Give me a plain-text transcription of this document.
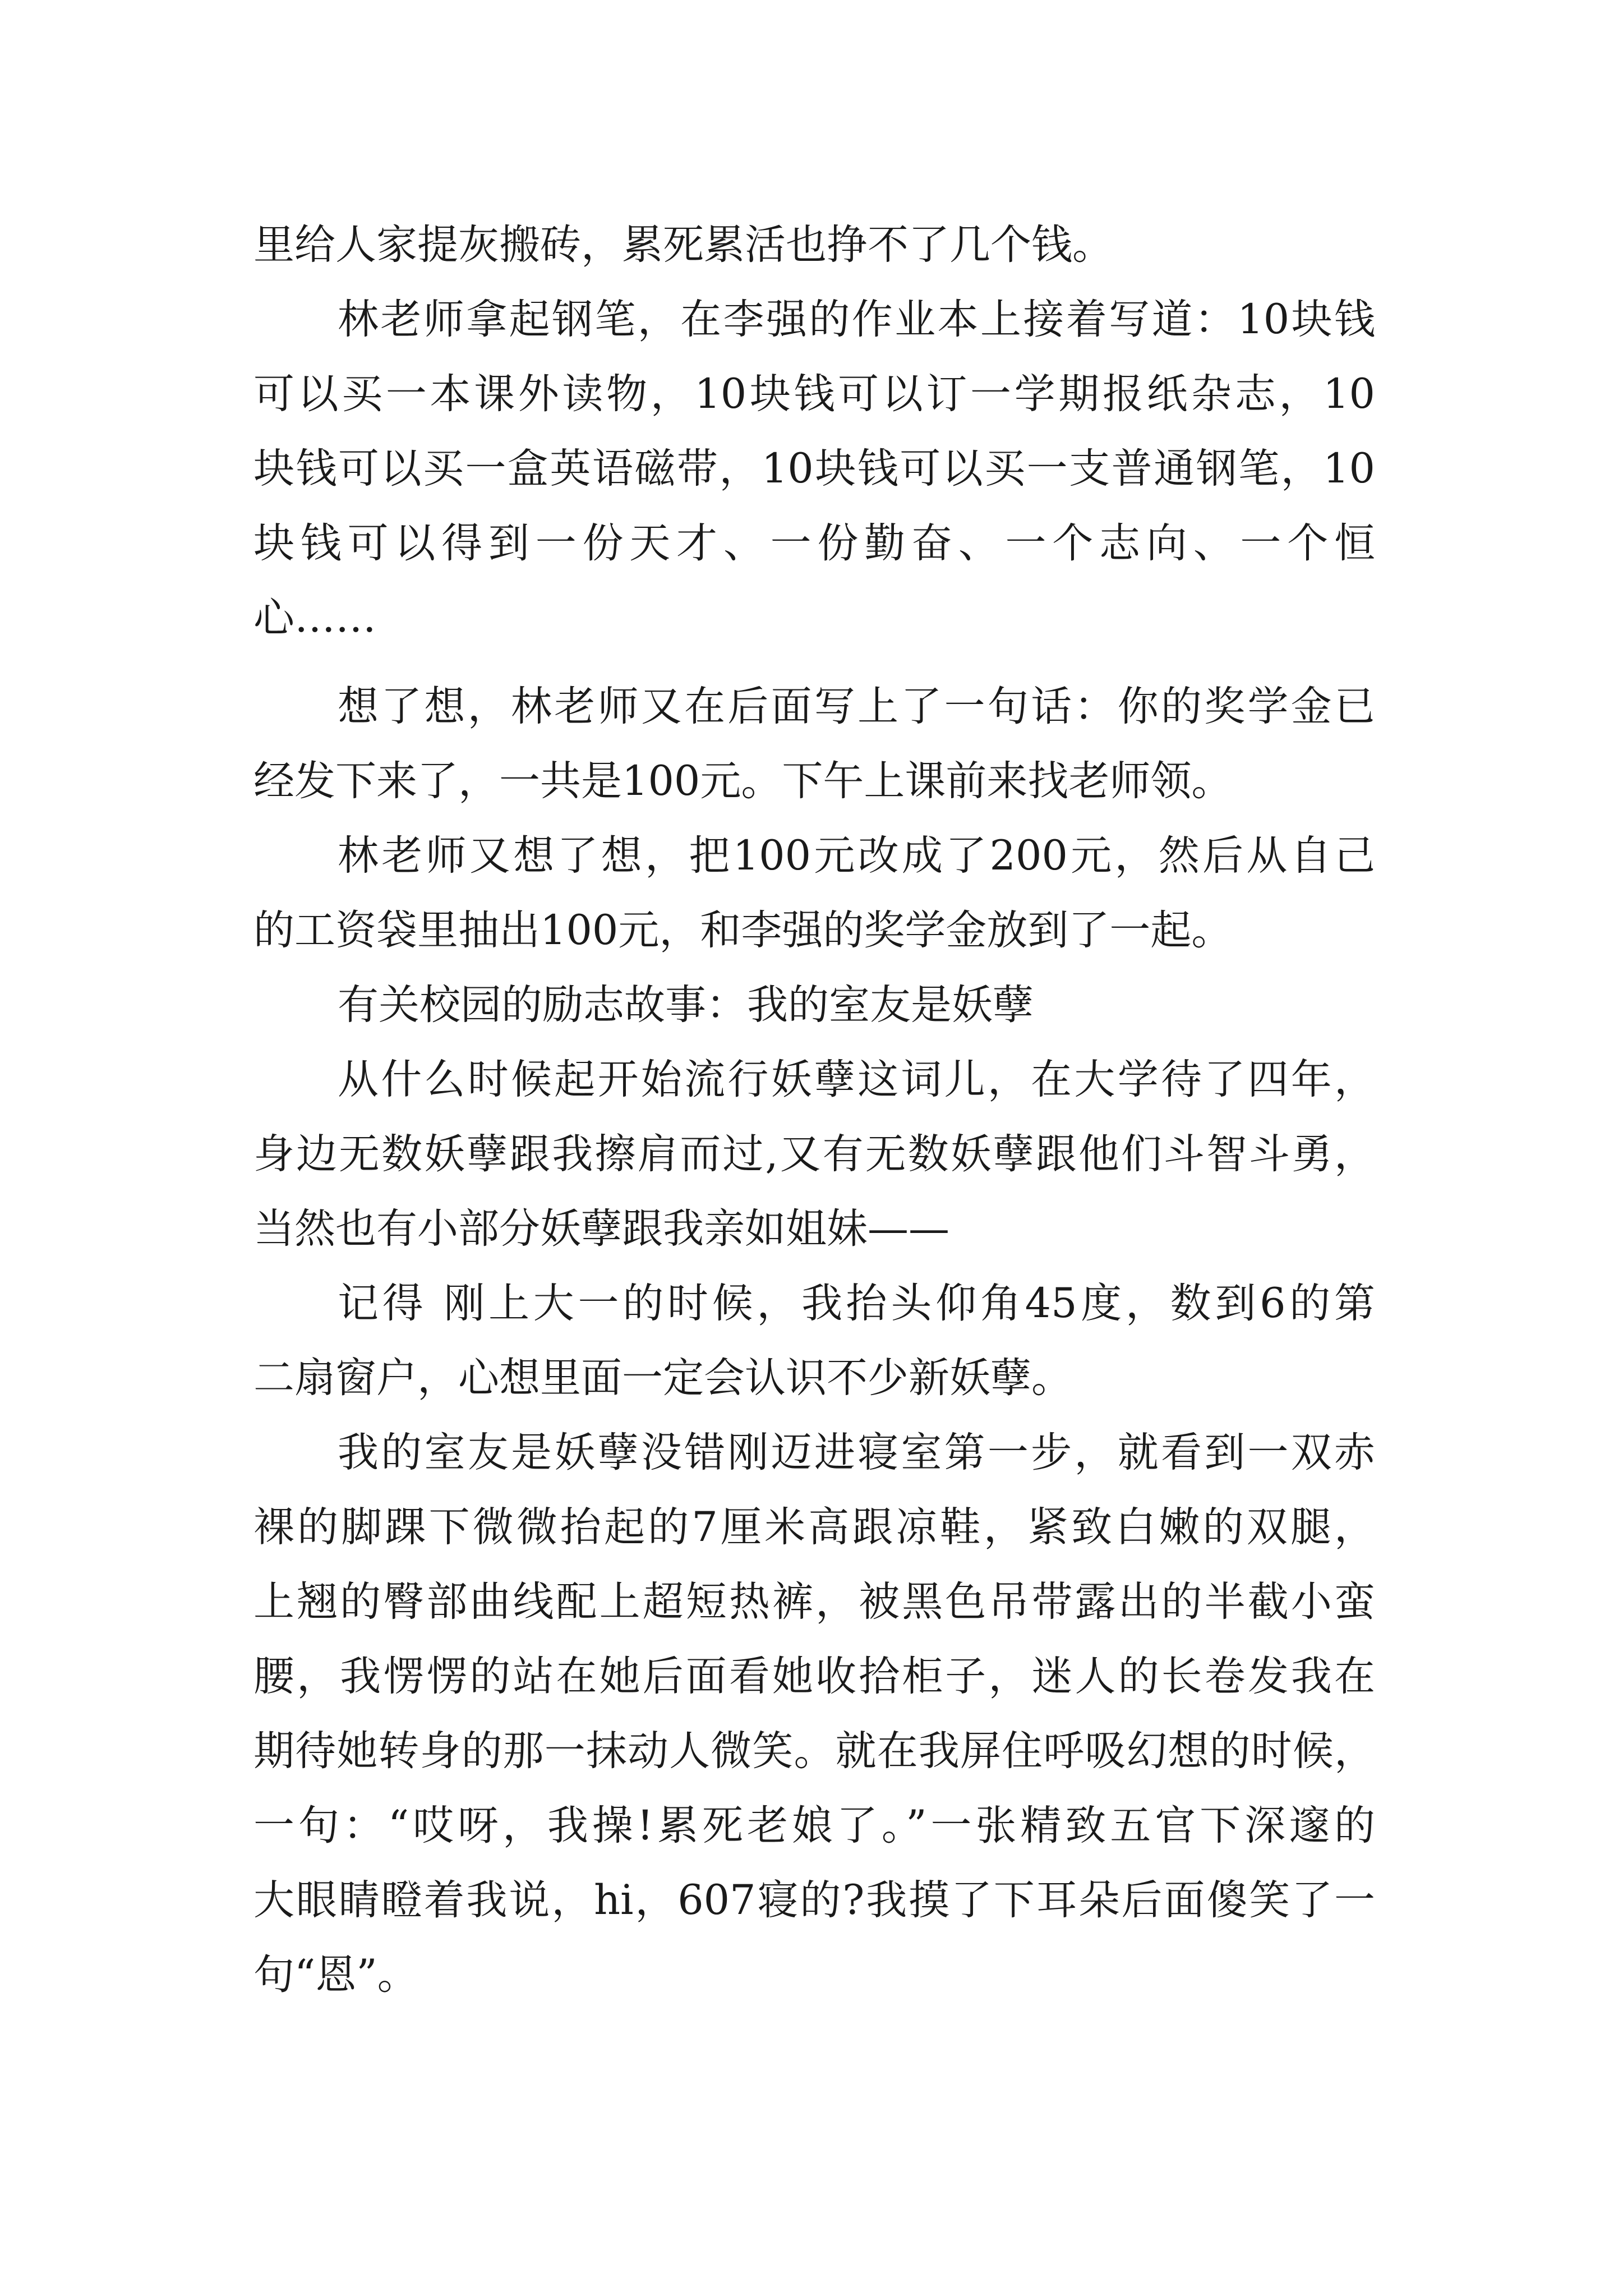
里给人家提灰搬砖，累死累活也挣不了几个钱。
林老师拿起钢笔，在李强的作业本上接着写道：10块钱
可以买一本课外读物，10块钱可以订一学期报纸杂志，10
块钱可以买一盒英语磁带，10块钱可以买一支普通钢笔，10
块钱可以得到一份天才、一份勤奋、一个志向、一个恒
心……
想了想，林老师又在后面写上了一句话：你的奖学金已
经发下来了，一共是100元。下午上课前来找老师领。
林老师又想了想，把100元改成了200元，然后从自己
的工资袋里抽出100元，和李强的奖学金放到了一起。
有关校园的励志故事：我的室友是妖孽
从什么时候起开始流行妖孽这词儿，在大学待了四年，
身边无数妖孽跟我擦肩而过,又有无数妖孽跟他们斗智斗勇，
当然也有小部分妖孽跟我亲如姐妹——
记得 刚上大一的时候，我抬头仰角45度，数到6的第
二扇窗户，心想里面一定会认识不少新妖孽。
我的室友是妖孽没错刚迈进寝室第一步，就看到一双赤
裸的脚踝下微微抬起的7厘米高跟凉鞋，紧致白嫩的双腿，
上翘的臀部曲线配上超短热裤，被黑色吊带露出的半截小蛮
腰，我愣愣的站在她后面看她收拾柜子，迷人的长卷发我在
期待她转身的那一抹动人微笑。就在我屏住呼吸幻想的时候，
一句：“哎呀，我操!累死老娘了。”一张精致五官下深邃的
大眼睛瞪着我说，hi，607寝的?我摸了下耳朵后面傻笑了一
句“恩”。
